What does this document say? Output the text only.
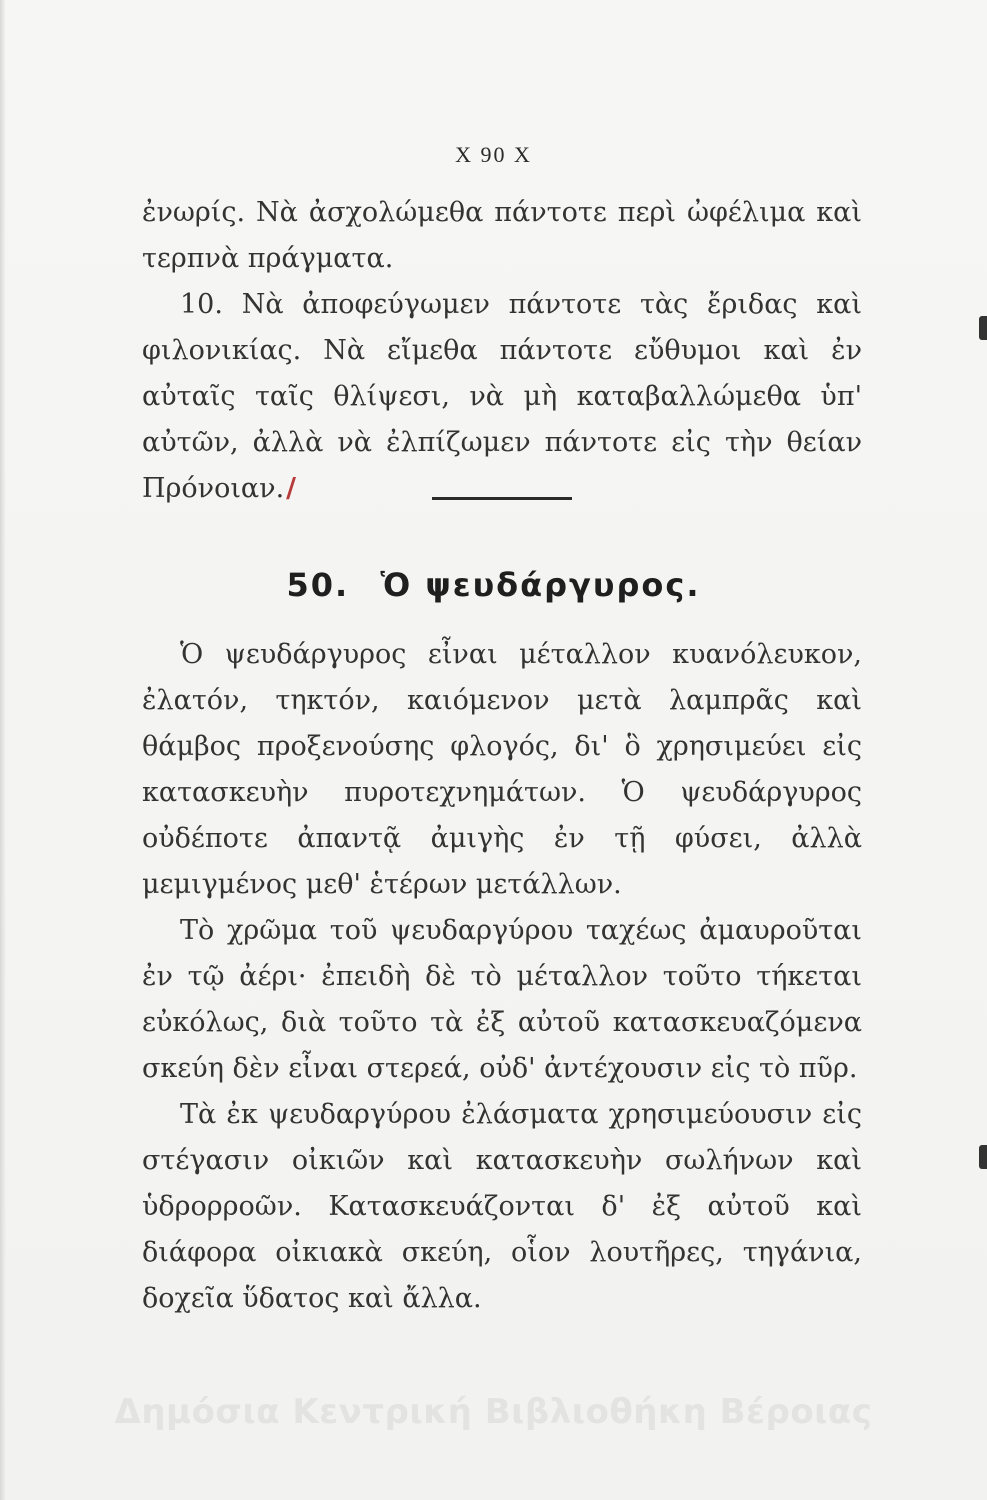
Χ 90 Χ

ἐνωρίς. Νὰ ἀσχολώμεθα πάντοτε περὶ ὠφέλιμα καὶ τερπνὰ πράγματα.

10. Νὰ ἀποφεύγωμεν πάντοτε τὰς ἔριδας καὶ φιλονικίας. Νὰ εἴμεθα πάντοτε εὔθυμοι καὶ ἐν αὐταῖς ταῖς θλίψεσι, νὰ μὴ καταβαλλώμεθα ὑπ' αὐτῶν, ἀλλὰ νὰ ἐλπίζωμεν πάντοτε εἰς τὴν θείαν Πρόνοιαν./

50. Ὁ ψευδάργυρος.

Ὁ ψευδάργυρος εἶναι μέταλλον κυανόλευκον, ἐλατόν, τηκτόν, καιόμενον μετὰ λαμπρᾶς καὶ θάμβος προξενούσης φλογός, δι' ὃ χρησιμεύει εἰς κατασκευὴν πυροτεχνημάτων. Ὁ ψευδάργυρος οὐδέποτε ἀπαντᾷ ἀμιγὴς ἐν τῇ φύσει, ἀλλὰ μεμιγμένος μεθ' ἑτέρων μετάλλων.

Τὸ χρῶμα τοῦ ψευδαργύρου ταχέως ἀμαυροῦται ἐν τῷ ἀέρι· ἐπειδὴ δὲ τὸ μέταλλον τοῦτο τήκεται εὐκόλως, διὰ τοῦτο τὰ ἐξ αὐτοῦ κατασκευαζόμενα σκεύη δὲν εἶναι στερεά, οὐδ' ἀντέχουσιν εἰς τὸ πῦρ.

Τὰ ἐκ ψευδαργύρου ἐλάσματα χρησιμεύουσιν εἰς στέγασιν οἰκιῶν καὶ κατασκευὴν σωλήνων καὶ ὑδρορροῶν. Κατασκευάζονται δ' ἐξ αὐτοῦ καὶ διάφορα οἰκιακὰ σκεύη, οἷον λουτῆρες, τηγάνια, δοχεῖα ὕδατος καὶ ἄλλα.

Δημόσια Κεντρική Βιβλιοθήκη Βέροιας
